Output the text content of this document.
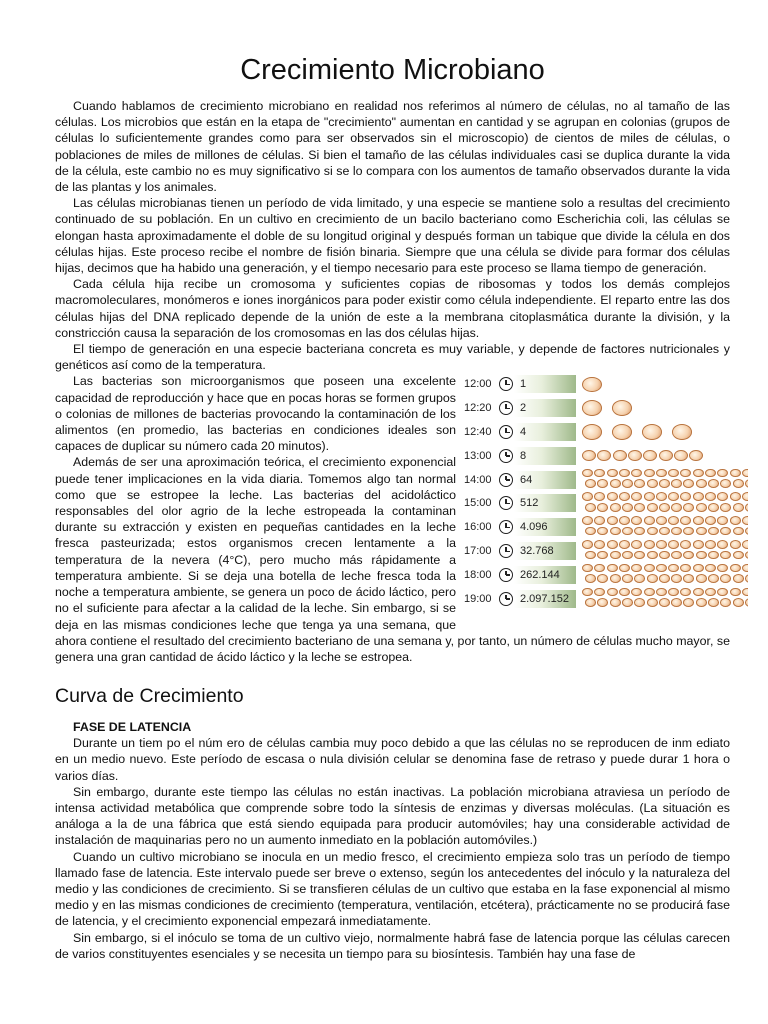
Crecimiento Microbiano

Cuando hablamos de crecimiento microbiano en realidad nos referimos al número de células, no al tamaño de las células. Los microbios que están en la etapa de "crecimiento" aumentan en cantidad y se agrupan en colonias (grupos de células lo suficientemente grandes como para ser observados sin el microscopio) de cientos de miles de células, o poblaciones de miles de millones de células. Si bien el tamaño de las células individuales casi se duplica durante la vida de la célula, este cambio no es muy significativo si se lo compara con los aumentos de tamaño observados durante la vida de las plantas y los animales.

Las células microbianas tienen un período de vida limitado, y una especie se mantiene solo a resultas del crecimiento continuado de su población. En un cultivo en crecimiento de un bacilo bacteriano como Escherichia coli, las células se elongan hasta aproximadamente el doble de su longitud original y después forman un tabique que divide la célula en dos células hijas. Este proceso recibe el nombre de fisión binaria. Siempre que una célula se divide para formar dos células hijas, decimos que ha habido una generación, y el tiempo necesario para este proceso se llama tiempo de generación.

Cada célula hija recibe un cromosoma y suficientes copias de ribosomas y todos los demás complejos macromoleculares, monómeros e iones inorgánicos para poder existir como célula independiente. El reparto entre las dos células hijas del DNA replicado depende de la unión de este a la membrana citoplasmática durante la división, y la constricción causa la separación de los cromosomas en las dos células hijas.

El tiempo de generación en una especie bacteriana concreta es muy variable, y depende de factores nutricionales y genéticos así como de la temperatura.

12:00	1
12:20	2
12:40	4
13:00	8
14:00	64
15:00	512
16:00	4.096
17:00	32.768
18:00	262.144
19:00	2.097.152

Las bacterias son microorganismos que poseen una excelente capacidad de reproducción y hace que en pocas horas se formen grupos o colonias de millones de bacterias provocando la contaminación de los alimentos (en promedio, las bacterias en condiciones ideales son capaces de duplicar su número cada 20 minutos).

Además de ser una aproximación teórica, el crecimiento exponencial puede tener implicaciones en la vida diaria. Tomemos algo tan normal como que se estropee la leche. Las bacterias del acidoláctico responsables del olor agrio de la leche estropeada la contaminan durante su extracción y existen en pequeñas cantidades en la leche fresca pasteurizada; estos organismos crecen lentamente a la temperatura de la nevera (4°C), pero mucho más rápidamente a temperatura ambiente. Si se deja una botella de leche fresca toda la noche a temperatura ambiente, se genera un poco de ácido láctico, pero no el suficiente para afectar a la calidad de la leche. Sin embargo, si se deja en las mismas condiciones leche que tenga ya una semana, que ahora contiene el resultado del crecimiento bacteriano de una semana y, por tanto, un número de células mucho mayor, se genera una gran cantidad de ácido láctico y la leche se estropea.

Curva de Crecimiento
FASE DE LATENCIA

Durante un tiem po el núm ero de células cambia muy poco debido a que las células no se reproducen de inm ediato en un medio nuevo. Este período de escasa o nula división celular se denomina fase de retraso y puede durar 1 hora o varios días.

Sin embargo, durante este tiempo las células no están inactivas. La población microbiana atraviesa un período de intensa actividad metabólica que comprende sobre todo la síntesis de enzimas y diversas moléculas. (La situación es análoga a la de una fábrica que está siendo equipada para producir automóviles; hay una considerable actividad de instalación de maquinarias pero no un aumento inmediato en la población automóviles.)

Cuando un cultivo microbiano se inocula en un medio fresco, el crecimiento empieza solo tras un período de tiempo llamado fase de latencia. Este intervalo puede ser breve o extenso, según los antecedentes del inóculo y la naturaleza del medio y las condiciones de crecimiento. Si se transfieren células de un cultivo que estaba en la fase exponencial al mismo medio y en las mismas condiciones de crecimiento (temperatura, ventilación, etcétera), prácticamente no se producirá fase de latencia, y el crecimiento exponencial empezará inmediatamente.

Sin embargo, si el inóculo se toma de un cultivo viejo, normalmente habrá fase de latencia porque las células carecen de varios constituyentes esenciales y se necesita un tiempo para su biosíntesis. También hay una fase de
